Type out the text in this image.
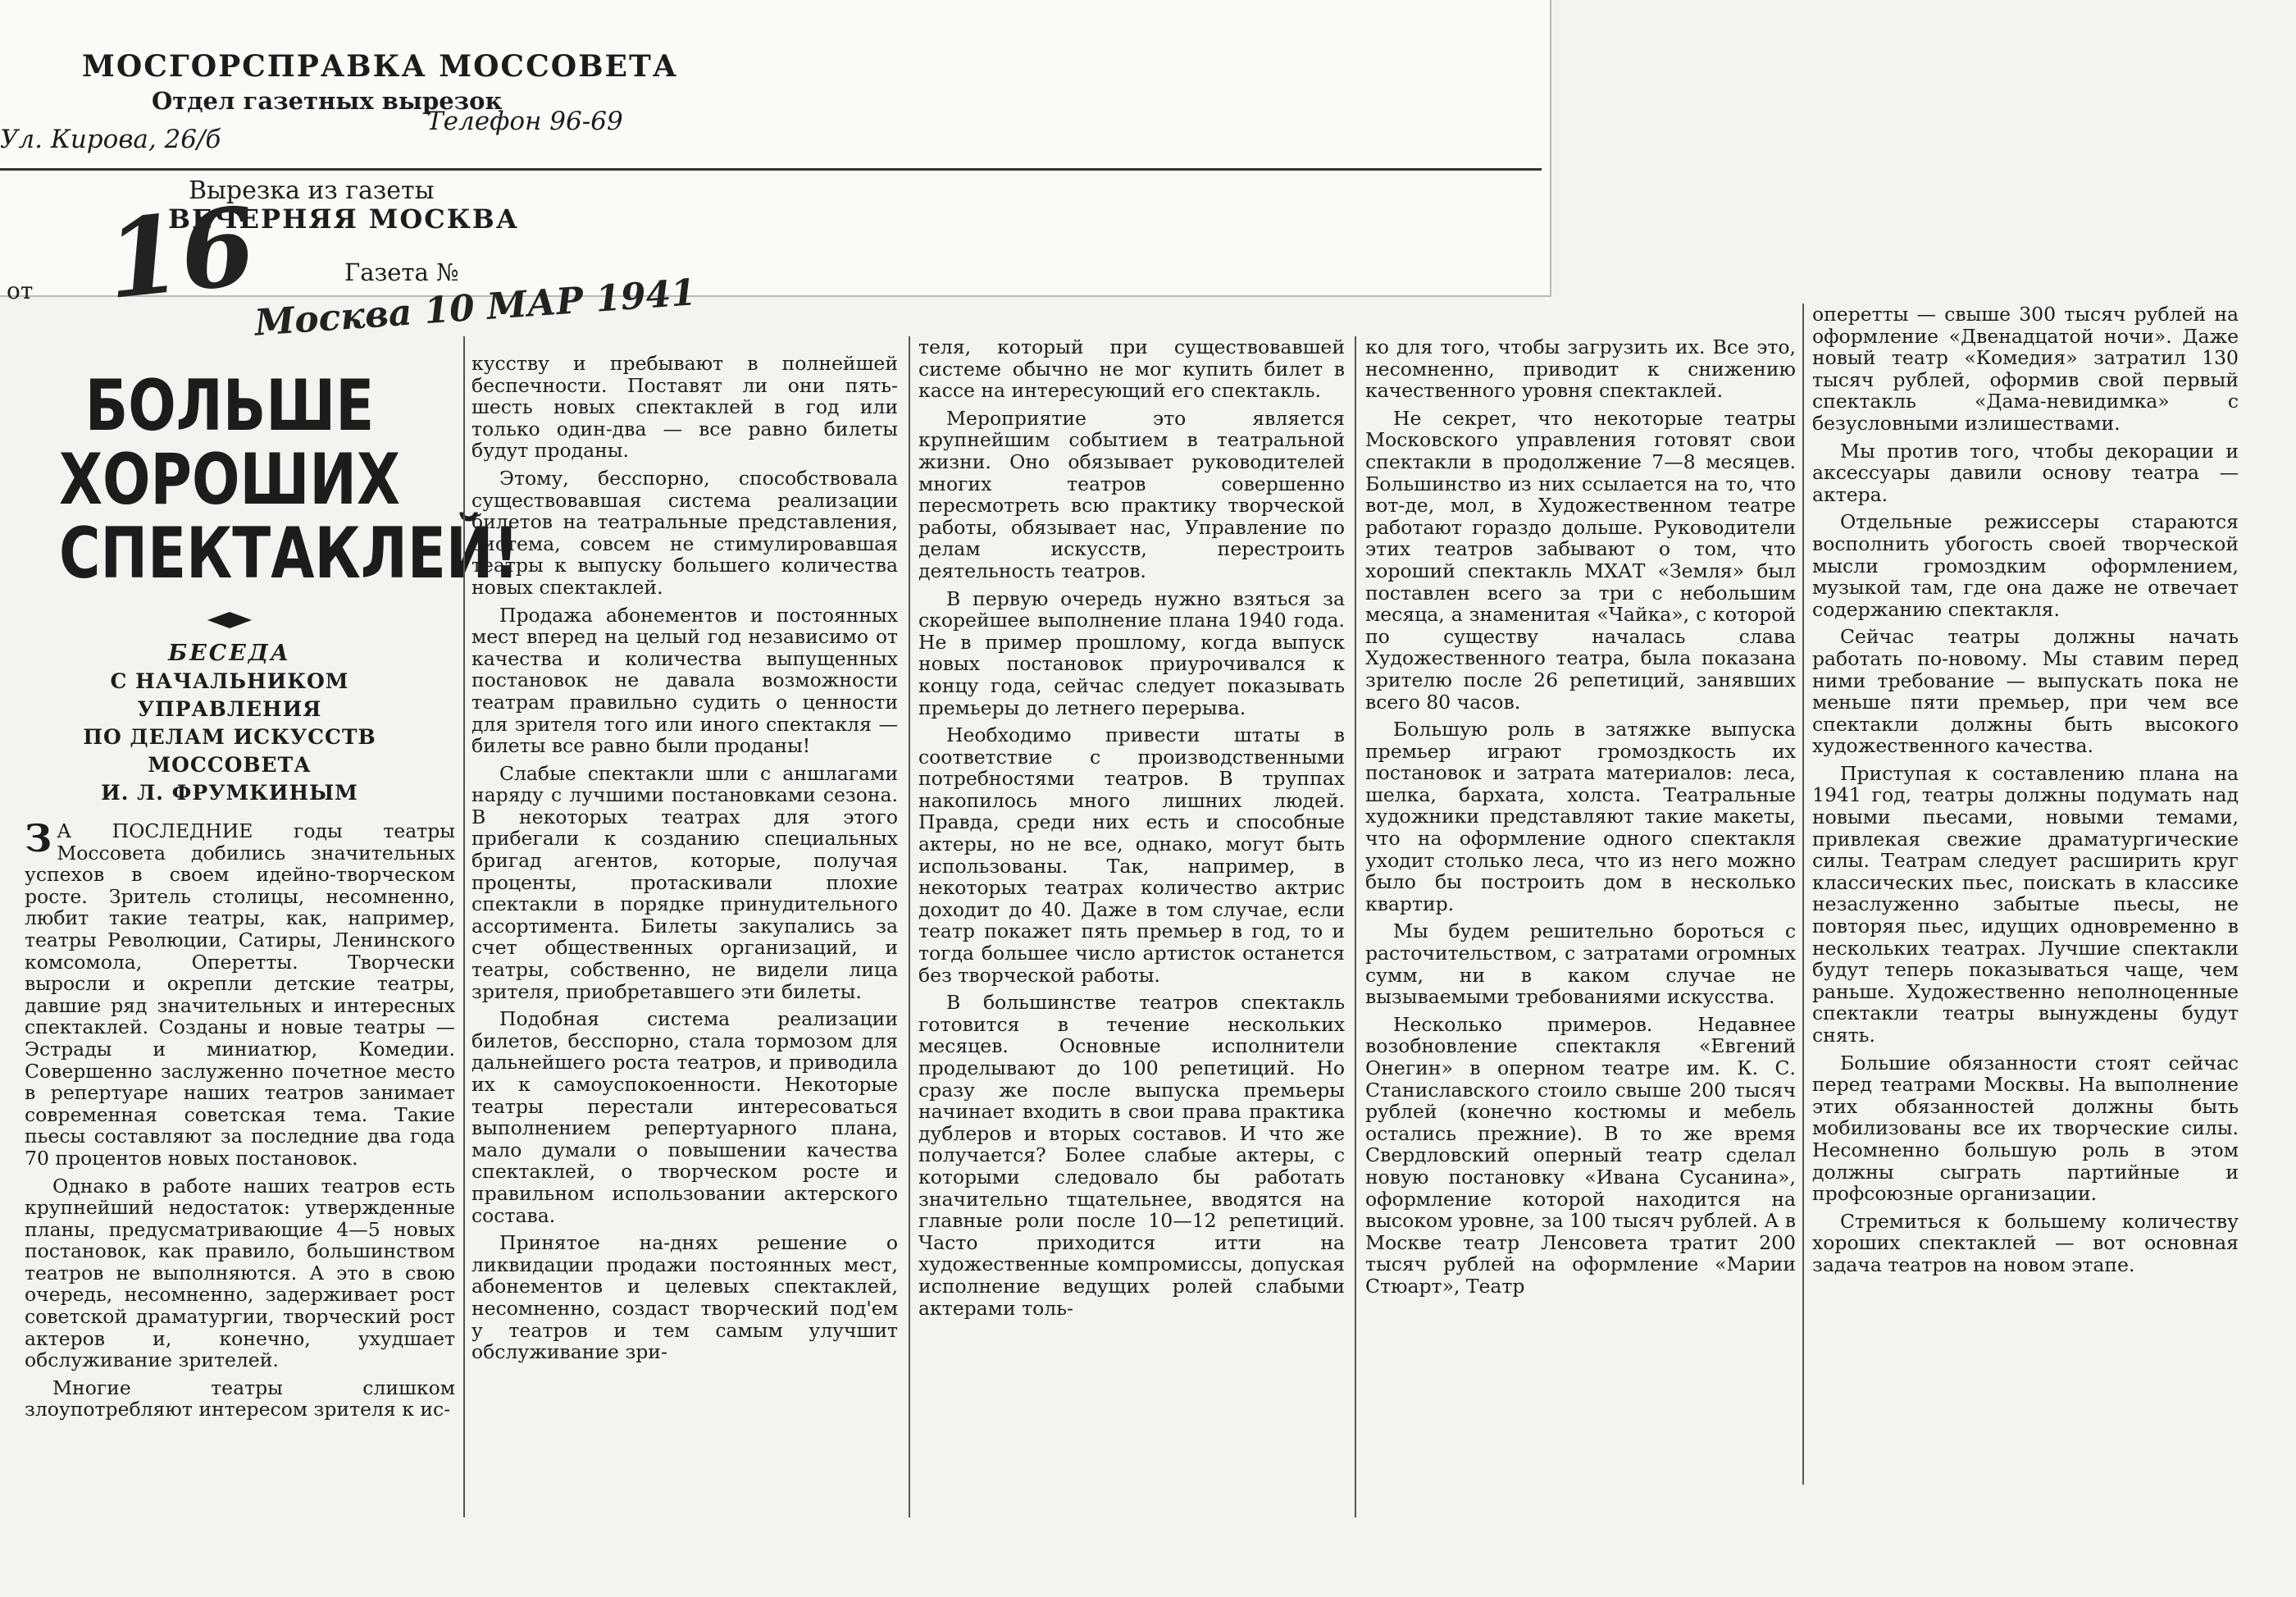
МОСГОРСПРАВКА МОССОВЕТА
Отдел газетных вырезок
Ул. Кирова, 26/б
Телефон 96-69
Вырезка из газеты
ВЕЧЕРНЯЯ МОСКВА
от
Газета №
16
Москва 10 МАР 1941
БОЛЬШЕ
ХОРОШИХ
СПЕКТАКЛЕЙ!
БЕСЕДА
С НАЧАЛЬНИКОМ УПРАВЛЕНИЯ
ПО ДЕЛАМ ИСКУССТВ МОССОВЕТА
И. Л. ФРУМКИНЫМ

З А ПОСЛЕДНИЕ годы театры Моссовета добились значительных успехов в своем идейно-творческом росте. Зритель столицы, несомненно, любит такие театры, как, например, театры Революции, Сатиры, Ленинского комсомола, Оперетты. Творчески выросли и окрепли детские театры, давшие ряд значительных и интересных спектаклей. Созданы и новые театры — Эстрады и миниатюр, Комедии. Совершенно заслуженно почетное место в репертуаре наших театров занимает современная советская тема. Такие пьесы составляют за последние два года 70 процентов новых постановок.

Однако в работе наших театров есть крупнейший недостаток: утвержденные планы, предусматривающие 4—5 новых постановок, как правило, большинством театров не выполняются. А это в свою очередь, несомненно, задерживает рост советской драматургии, творческий рост актеров и, конечно, ухудшает обслуживание зрителей.

Многие театры слишком злоупотребляют интересом зрителя к ис-

кусству и пребывают в полнейшей беспечности. Поставят ли они пять-шесть новых спектаклей в год или только один-два — все равно билеты будут проданы.

Этому, бесспорно, способствовала существовавшая система реализации билетов на театральные представления, система, совсем не стимулировавшая театры к выпуску большего количества новых спектаклей.

Продажа абонементов и постоянных мест вперед на целый год независимо от качества и количества выпущенных постановок не давала возможности театрам правильно судить о ценности для зрителя того или иного спектакля — билеты все равно были проданы!

Слабые спектакли шли с аншлагами наряду с лучшими постановками сезона. В некоторых театрах для этого прибегали к созданию специальных бригад агентов, которые, получая проценты, протаскивали плохие спектакли в порядке принудительного ассортимента. Билеты закупались за счет общественных организаций, и театры, собственно, не видели лица зрителя, приобретавшего эти билеты.

Подобная система реализации билетов, бесспорно, стала тормозом для дальнейшего роста театров, и приводила их к самоуспокоенности. Некоторые театры перестали интересоваться выполнением репертуарного плана, мало думали о повышении качества спектаклей, о творческом росте и правильном использовании актерского состава.

Принятое на-днях решение о ликвидации продажи постоянных мест, абонементов и целевых спектаклей, несомненно, создаст творческий под'ем у театров и тем самым улучшит обслуживание зри-

теля, который при существовавшей системе обычно не мог купить билет в кассе на интересующий его спектакль.

Мероприятие это является крупнейшим событием в театральной жизни. Оно обязывает руководителей многих театров совершенно пересмотреть всю практику творческой работы, обязывает нас, Управление по делам искусств, перестроить деятельность театров.

В первую очередь нужно взяться за скорейшее выполнение плана 1940 года. Не в пример прошлому, когда выпуск новых постановок приурочивался к концу года, сейчас следует показывать премьеры до летнего перерыва.

Необходимо привести штаты в соответствие с производственными потребностями театров. В труппах накопилось много лишних людей. Правда, среди них есть и способные актеры, но не все, однако, могут быть использованы. Так, например, в некоторых театрах количество актрис доходит до 40. Даже в том случае, если театр покажет пять премьер в год, то и тогда большее число артисток останется без творческой работы.

В большинстве театров спектакль готовится в течение нескольких месяцев. Основные исполнители проделывают до 100 репетиций. Но сразу же после выпуска премьеры начинает входить в свои права практика дублеров и вторых составов. И что же получается? Более слабые актеры, с которыми следовало бы работать значительно тщательнее, вводятся на главные роли после 10—12 репетиций. Часто приходится итти на художественные компромиссы, допуская исполнение ведущих ролей слабыми актерами толь-

ко для того, чтобы загрузить их. Все это, несомненно, приводит к снижению качественного уровня спектаклей.

Не секрет, что некоторые театры Московского управления готовят свои спектакли в продолжение 7—8 месяцев. Большинство из них ссылается на то, что вот-де, мол, в Художественном театре работают гораздо дольше. Руководители этих театров забывают о том, что хороший спектакль МХАТ «Земля» был поставлен всего за три с небольшим месяца, а знаменитая «Чайка», с которой по существу началась слава Художественного театра, была показана зрителю после 26 репетиций, занявших всего 80 часов.

Большую роль в затяжке выпуска премьер играют громоздкость их постановок и затрата материалов: леса, шелка, бархата, холста. Театральные художники представляют такие макеты, что на оформление одного спектакля уходит столько леса, что из него можно было бы построить дом в несколько квартир.

Мы будем решительно бороться с расточительством, с затратами огромных сумм, ни в каком случае не вызываемыми требованиями искусства.

Несколько примеров. Недавнее возобновление спектакля «Евгений Онегин» в оперном театре им. К. С. Станиславского стоило свыше 200 тысяч рублей (конечно костюмы и мебель остались прежние). В то же время Свердловский оперный театр сделал новую постановку «Ивана Сусанина», оформление которой находится на высоком уровне, за 100 тысяч рублей. А в Москве театр Ленсовета тратит 200 тысяч рублей на оформление «Марии Стюарт», Театр

оперетты — свыше 300 тысяч рублей на оформление «Двенадцатой ночи». Даже новый театр «Комедия» затратил 130 тысяч рублей, оформив свой первый спектакль «Дама-невидимка» с безусловными излишествами.

Мы против того, чтобы декорации и аксессуары давили основу театра — актера.

Отдельные режиссеры стараются восполнить убогость своей творческой мысли громоздким оформлением, музыкой там, где она даже не отвечает содержанию спектакля.

Сейчас театры должны начать работать по-новому. Мы ставим перед ними требование — выпускать пока не меньше пяти премьер, при чем все спектакли должны быть высокого художественного качества.

Приступая к составлению плана на 1941 год, театры должны подумать над новыми пьесами, новыми темами, привлекая свежие драматургические силы. Театрам следует расширить круг классических пьес, поискать в классике незаслуженно забытые пьесы, не повторяя пьес, идущих одновременно в нескольких театрах. Лучшие спектакли будут теперь показываться чаще, чем раньше. Художественно неполноценные спектакли театры вынуждены будут снять.

Большие обязанности стоят сейчас перед театрами Москвы. На выполнение этих обязанностей должны быть мобилизованы все их творческие силы. Несомненно большую роль в этом должны сыграть партийные и профсоюзные организации.

Стремиться к большему количеству хороших спектаклей — вот основная задача театров на новом этапе.
